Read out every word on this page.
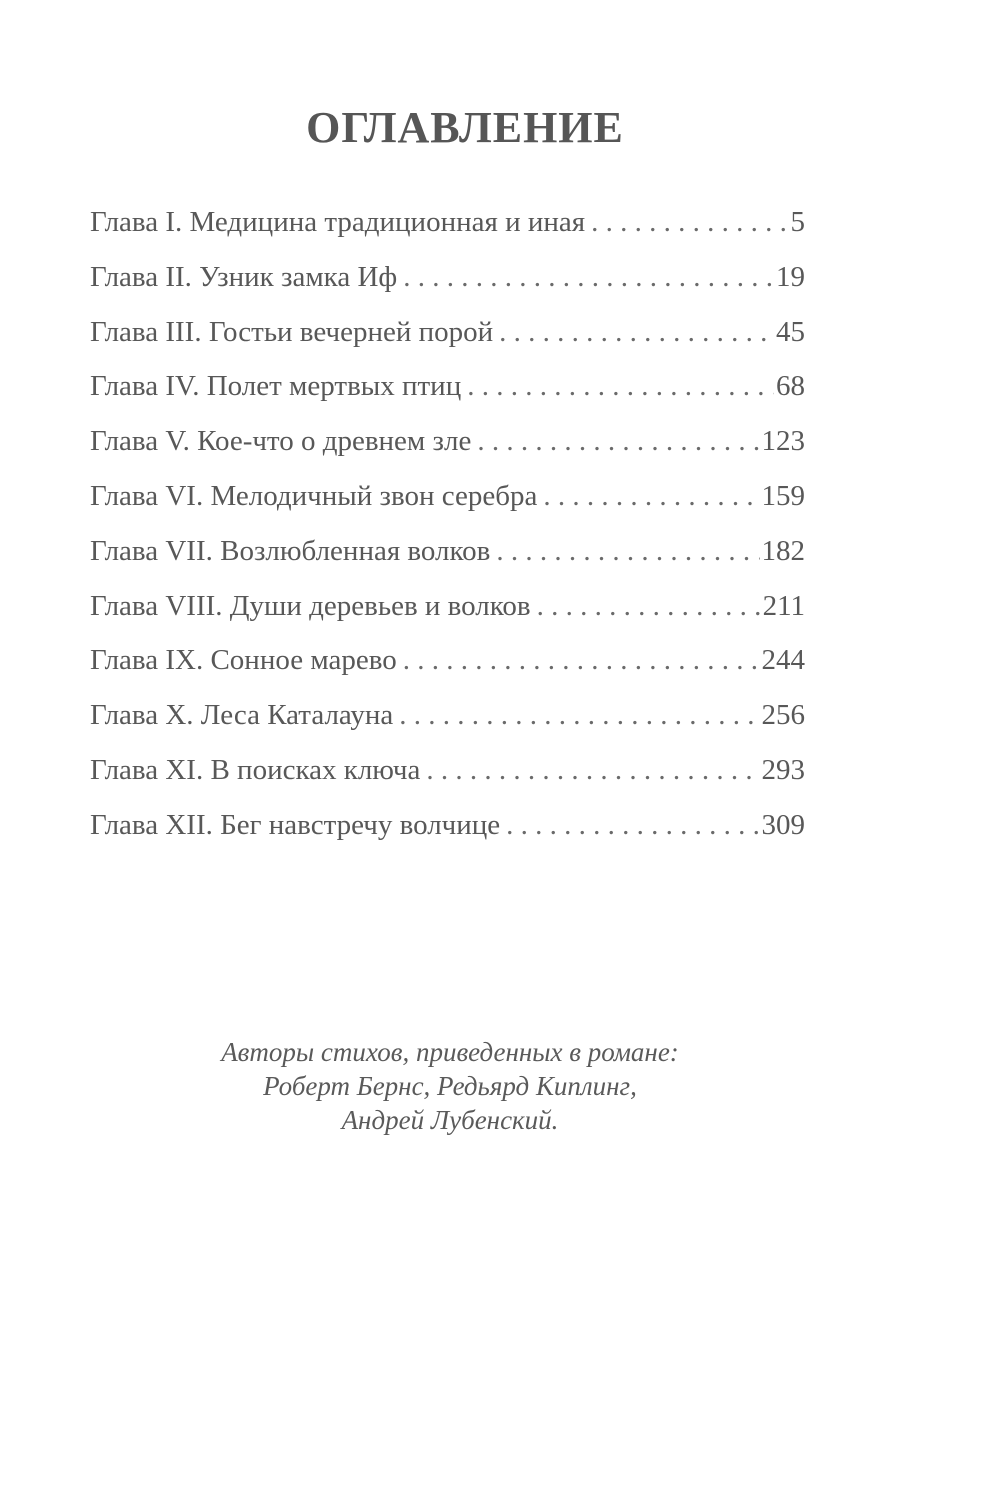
ОГЛАВЛЕНИЕ
Глава I. Медицина традиционная и иная . . .	5
Глава II. Узник замка Иф . . .	19
Глава III. Гостьи вечерней порой . . .	45
Глава IV. Полет мертвых птиц . . .	68
Глава V. Кое-что о древнем зле . . .	123
Глава VI. Мелодичный звон серебра . . .	159
Глава VII. Возлюбленная волков . . .	182
Глава VIII. Души деревьев и волков . . .	211
Глава IX. Сонное марево . . .	244
Глава X. Леса Каталауна . . .	256
Глава XI. В поисках ключа . . .	293
Глава XII. Бег навстречу волчице . . .	309

Авторы стихов, приведенных в романе:

Роберт Бернс, Редьярд Киплинг,

Андрей Лубенский.
